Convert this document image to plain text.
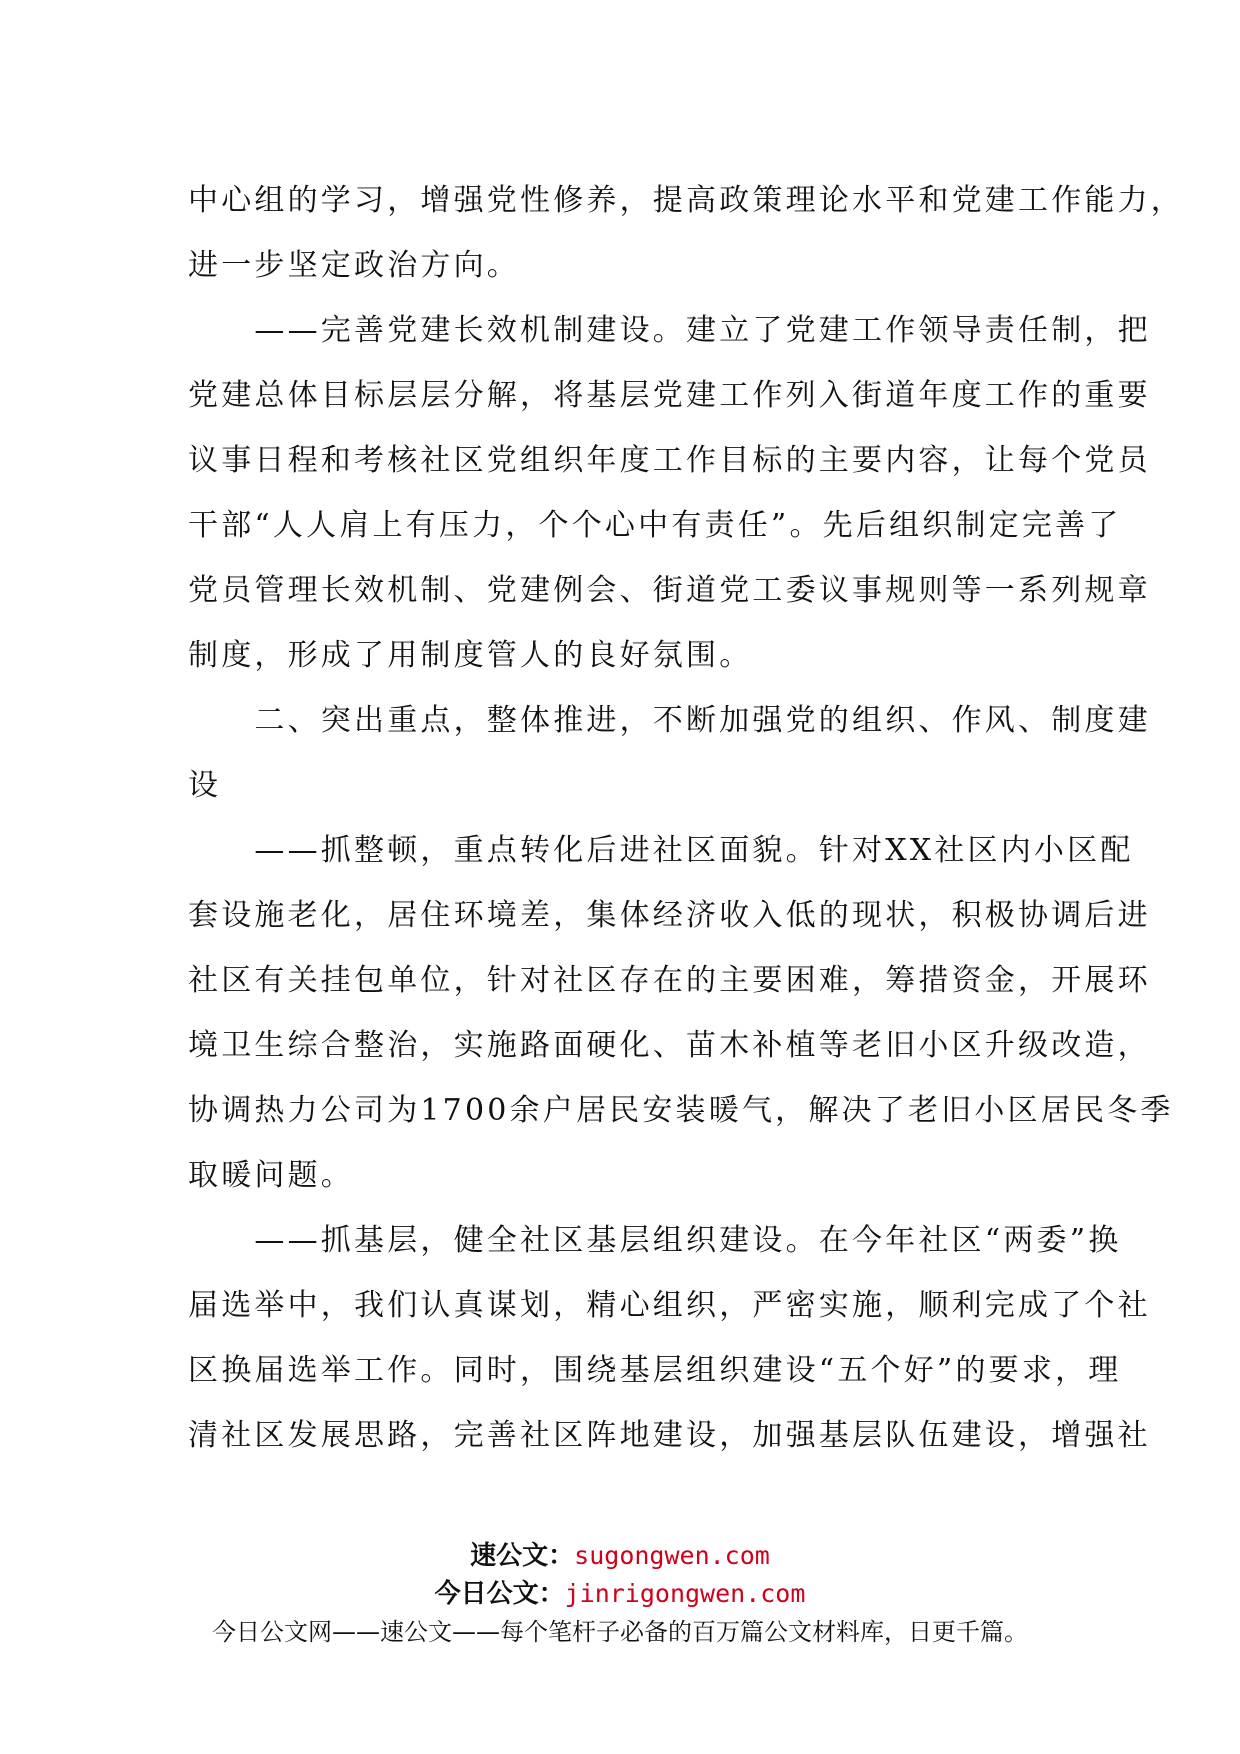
中心组的学习，增强党性修养，提高政策理论水平和党建工作能力，
进一步坚定政治方向。
　　——完善党建长效机制建设。建立了党建工作领导责任制，把
党建总体目标层层分解，将基层党建工作列入街道年度工作的重要
议事日程和考核社区党组织年度工作目标的主要内容，让每个党员
干部“人人肩上有压力，个个心中有责任”。先后组织制定完善了
党员管理长效机制、党建例会、街道党工委议事规则等一系列规章
制度，形成了用制度管人的良好氛围。
　　二、突出重点，整体推进，不断加强党的组织、作风、制度建
设
　　——抓整顿，重点转化后进社区面貌。针对XX社区内小区配
套设施老化，居住环境差，集体经济收入低的现状，积极协调后进
社区有关挂包单位，针对社区存在的主要困难，筹措资金，开展环
境卫生综合整治，实施路面硬化、苗木补植等老旧小区升级改造，
协调热力公司为1700余户居民安装暖气，解决了老旧小区居民冬季
取暖问题。
　　——抓基层，健全社区基层组织建设。在今年社区“两委”换
届选举中，我们认真谋划，精心组织，严密实施，顺利完成了个社
区换届选举工作。同时，围绕基层组织建设“五个好”的要求，理
清社区发展思路，完善社区阵地建设，加强基层队伍建设，增强社
速公文：sugongwen.com
今日公文：jinrigongwen.com
今日公文网——速公文——每个笔杆子必备的百万篇公文材料库，日更千篇。
